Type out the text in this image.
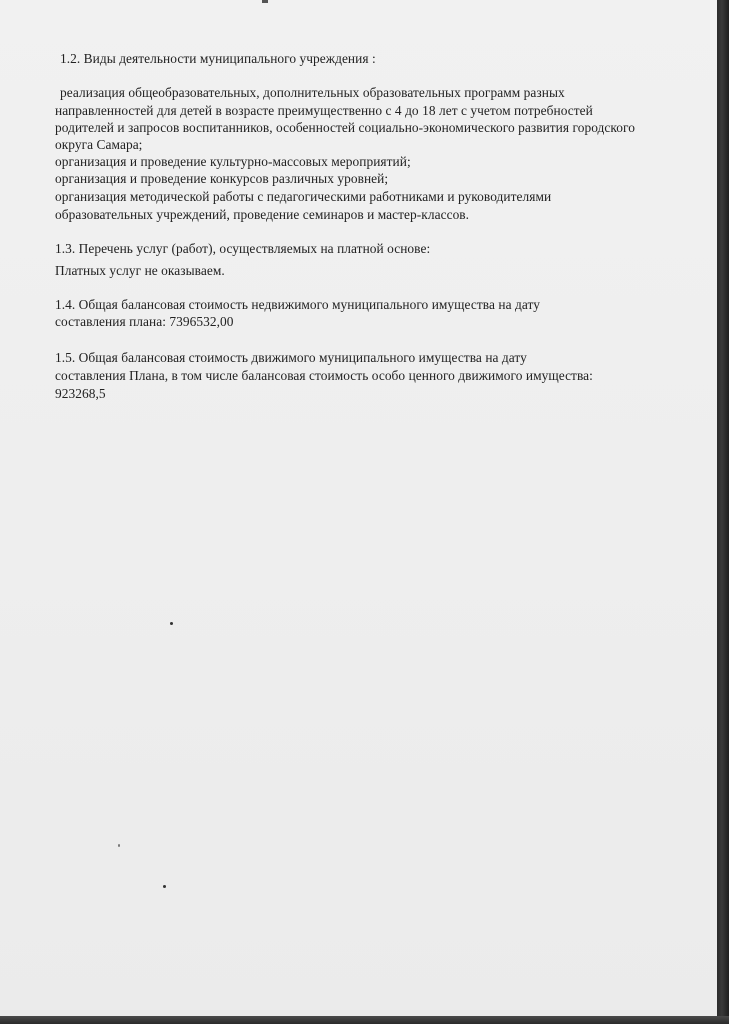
1.2. Виды деятельности муниципального учреждения :
реализация общеобразовательных, дополнительных образовательных программ разных
направленностей для детей в возрасте преимущественно с 4 до 18 лет с учетом потребностей
родителей и запросов воспитанников, особенностей социально-экономического развития городского
округа Самара;
организация и проведение культурно-массовых мероприятий;
организация и проведение конкурсов различных уровней;
организация методической работы с педагогическими работниками и руководителями
образовательных учреждений, проведение семинаров и мастер-классов.
1.3. Перечень услуг (работ), осуществляемых на платной основе:
Платных услуг не оказываем.
1.4. Общая балансовая стоимость недвижимого муниципального имущества на дату
составления плана: 7396532,00
1.5. Общая балансовая стоимость движимого муниципального имущества на дату
составления Плана, в том числе балансовая стоимость особо ценного движимого имущества:
923268,5
